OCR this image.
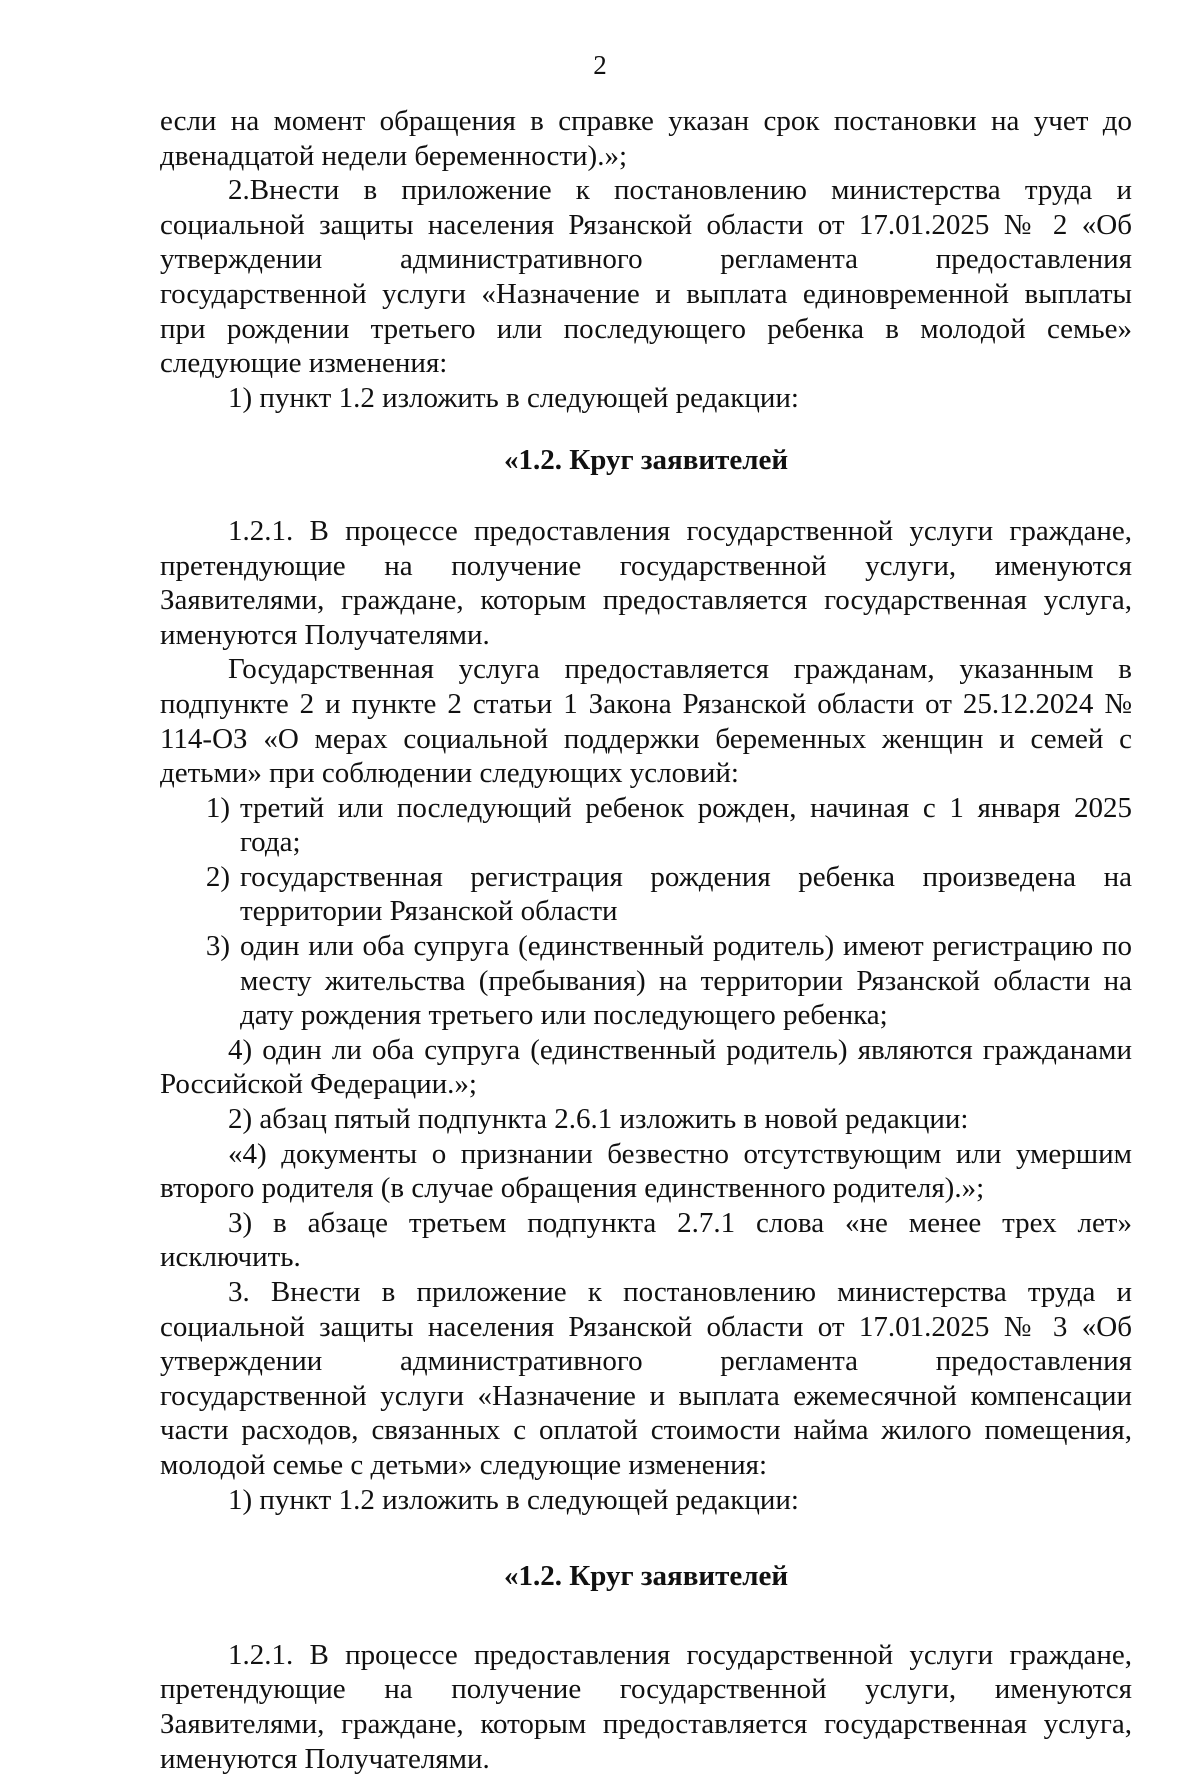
2

если на момент обращения в справке указан срок постановки на учет до двенадцатой недели беременности).»;

2.Внести в приложение к постановлению министерства труда и социальной защиты населения Рязанской области от 17.01.2025 № 2 «Об утверждении административного регламента предоставления государственной услуги «Назначение и выплата единовременной выплаты при рождении третьего или последующего ребенка в молодой семье» следующие изменения:

1) пункт 1.2 изложить в следующей редакции:

«1.2. Круг заявителей

1.2.1. В процессе предоставления государственной услуги граждане, претендующие на получение государственной услуги, именуются Заявителями, граждане, которым предоставляется государственная услуга, именуются Получателями.

Государственная услуга предоставляется гражданам, указанным в подпункте 2 и пункте 2 статьи 1 Закона Рязанской области от 25.12.2024 № 114-ОЗ «О мерах социальной поддержки беременных женщин и семей с детьми» при соблюдении следующих условий:

1) третий или последующий ребенок рожден, начиная с 1 января 2025 года;
2) государственная регистрация рождения ребенка произведена на территории Рязанской области
3) один или оба супруга (единственный родитель) имеют регистрацию по месту жительства (пребывания) на территории Рязанской области на дату рождения третьего или последующего ребенка;

4) один ли оба супруга (единственный родитель) являются гражданами Российской Федерации.»;

2) абзац пятый подпункта 2.6.1 изложить в новой редакции:

«4) документы о признании безвестно отсутствующим или умершим второго родителя (в случае обращения единственного родителя).»;

3) в абзаце третьем подпункта 2.7.1 слова «не менее трех лет» исключить.

3. Внести в приложение к постановлению министерства труда и социальной защиты населения Рязанской области от 17.01.2025 № 3 «Об утверждении административного регламента предоставления государственной услуги «Назначение и выплата ежемесячной компенсации части расходов, связанных с оплатой стоимости найма жилого помещения, молодой семье с детьми» следующие изменения:

1) пункт 1.2 изложить в следующей редакции:

«1.2. Круг заявителей

1.2.1. В процессе предоставления государственной услуги граждане, претендующие на получение государственной услуги, именуются Заявителями, граждане, которым предоставляется государственная услуга, именуются Получателями.
